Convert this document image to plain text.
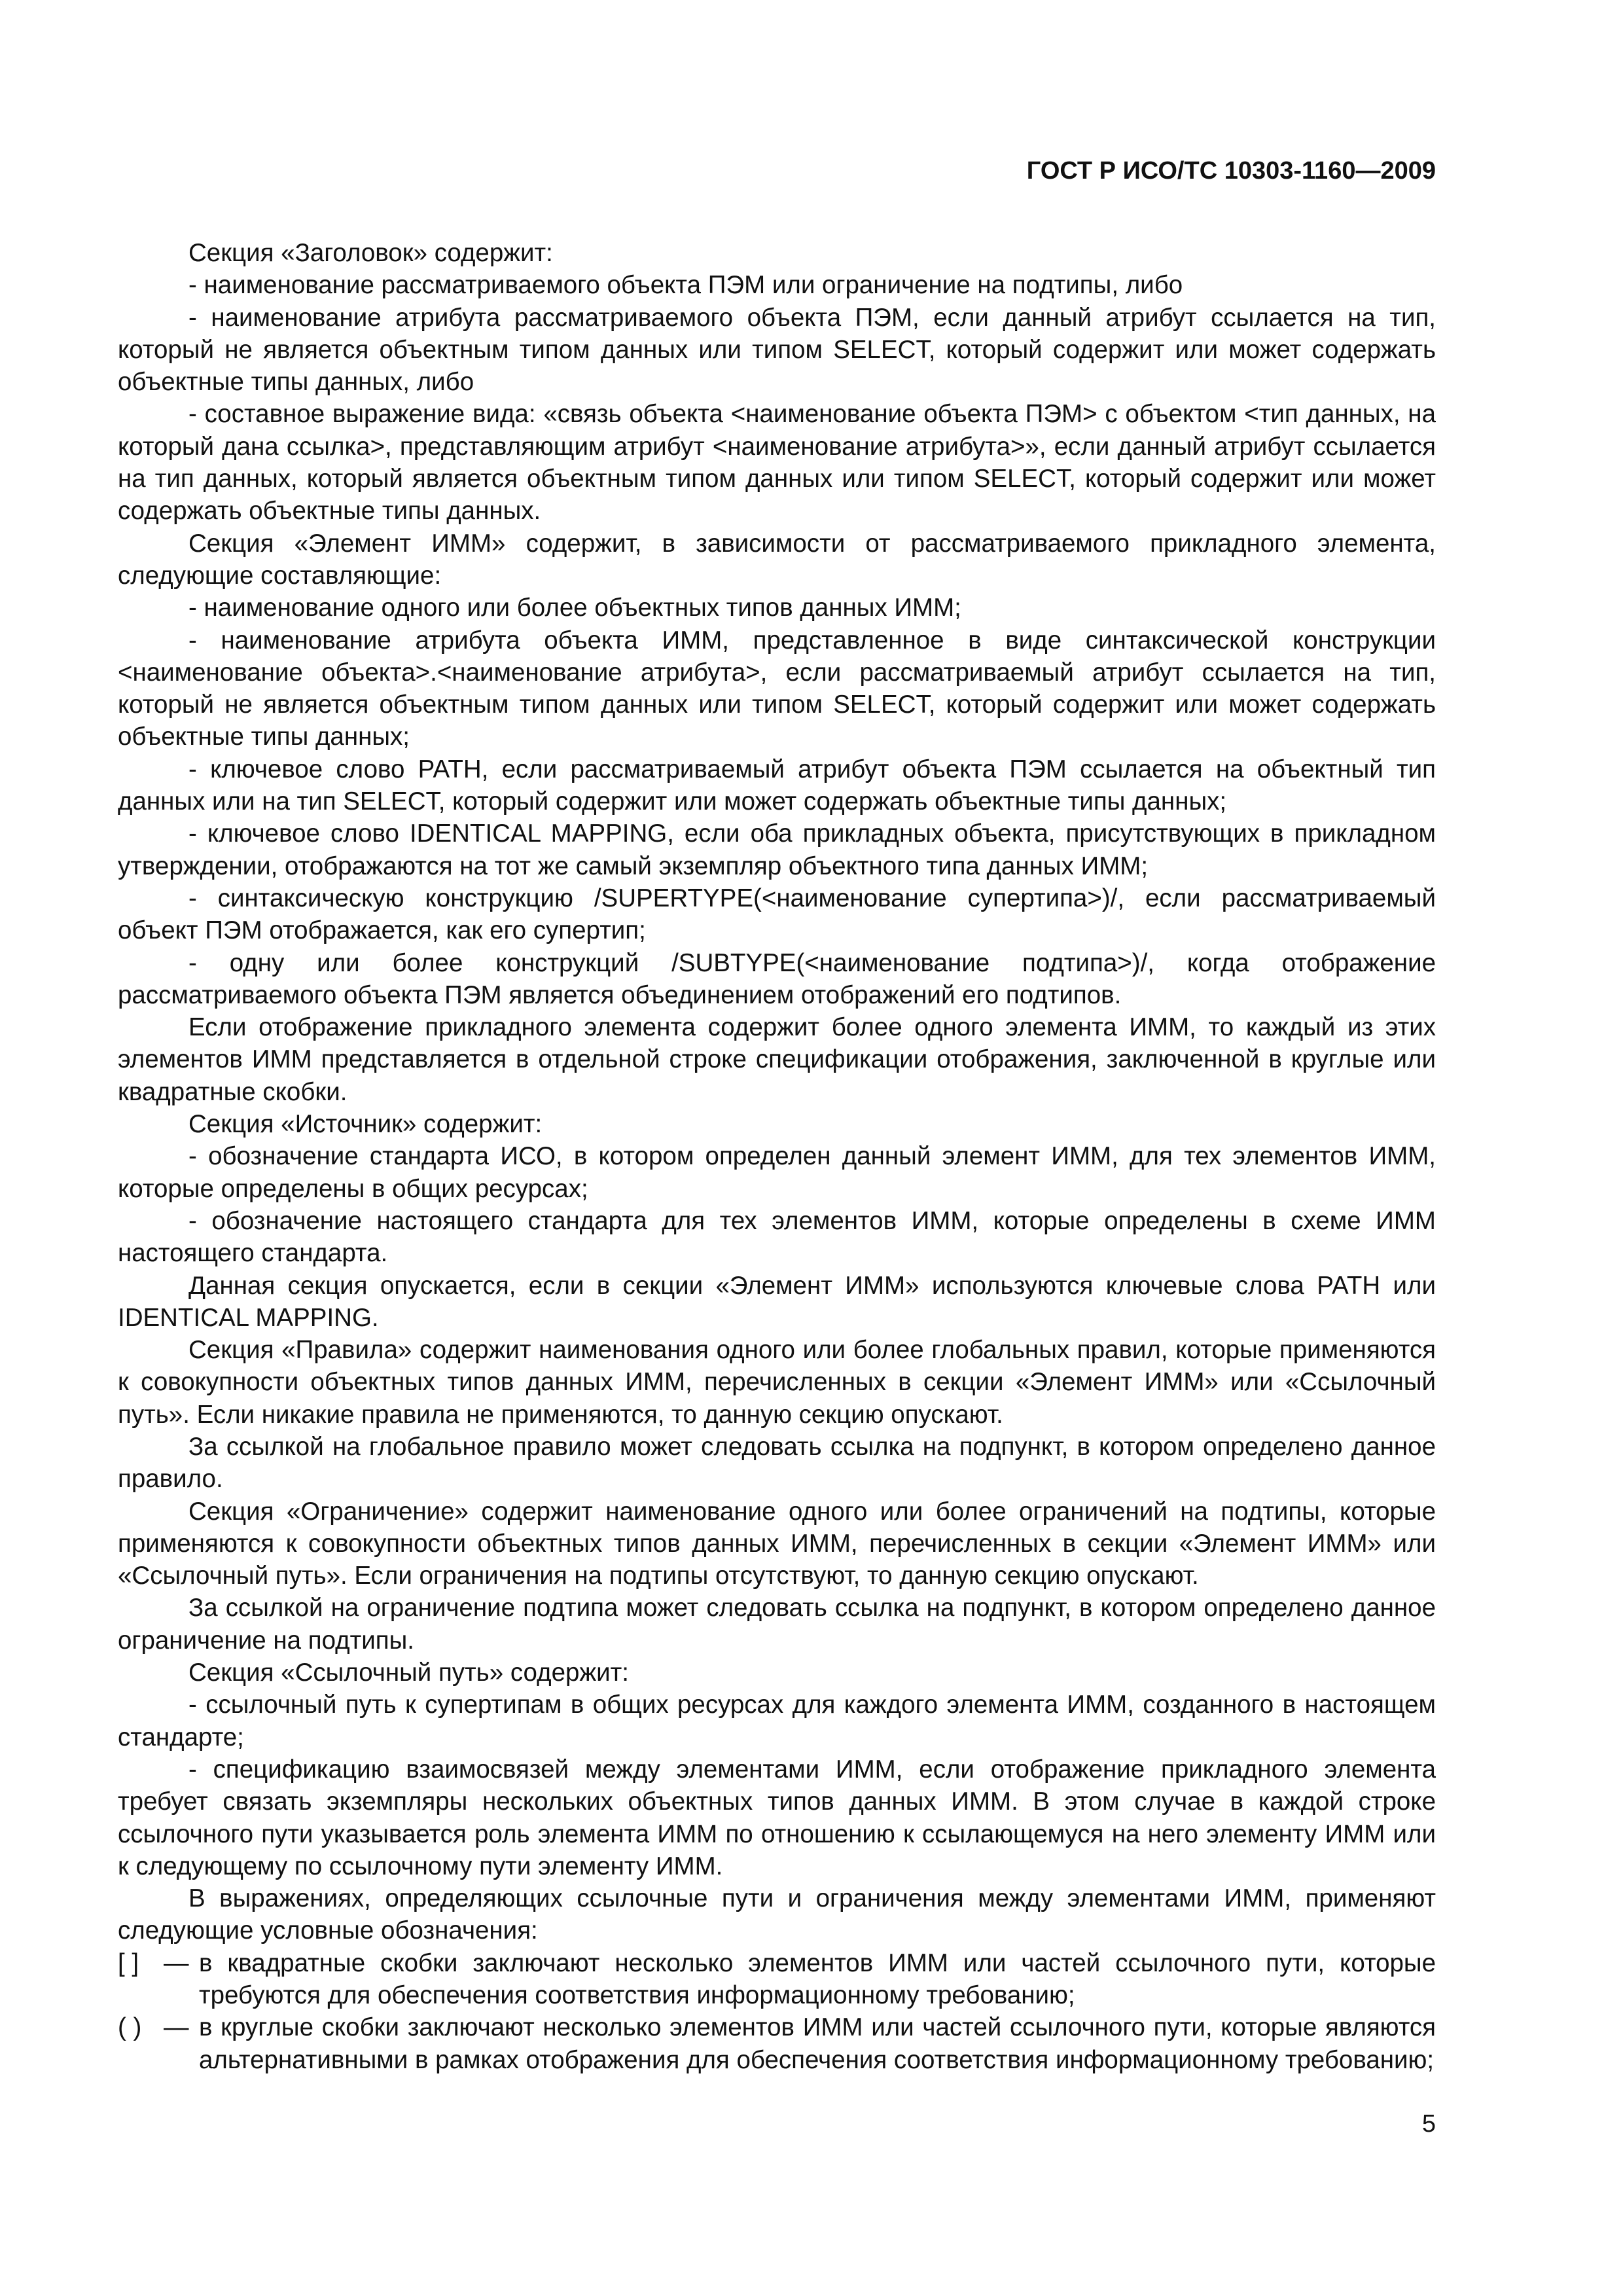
ГОСТ Р ИСО/ТС 10303-1160—2009

Секция «Заголовок» содержит:

- наименование рассматриваемого объекта ПЭМ или ограничение на подтипы, либо

- наименование атрибута рассматриваемого объекта ПЭМ, если данный атрибут ссылается на тип, который не является объектным типом данных или типом SELECT, который содержит или может содержать объектные типы данных, либо

- составное выражение вида: «связь объекта <наименование объекта ПЭМ> с объектом <тип данных, на который дана ссылка>, представляющим атрибут <наименование атрибута>», если данный атрибут ссылается на тип данных, который является объектным типом данных или типом SELECT, который содержит или может содержать объектные типы данных.

Секция «Элемент ИММ» содержит, в зависимости от рассматриваемого прикладного элемента, следующие составляющие:

- наименование одного или более объектных типов данных ИММ;

- наименование атрибута объекта ИММ, представленное в виде синтаксической конструкции <наименование объекта>.<наименование атрибута>, если рассматриваемый атрибут ссылается на тип, который не является объектным типом данных или типом SELECT, который содержит или может содержать объектные типы данных;

- ключевое слово PATH, если рассматриваемый атрибут объекта ПЭМ ссылается на объектный тип данных или на тип SELECT, который содержит или может содержать объектные типы данных;

- ключевое слово IDENTICAL MAPPING, если оба прикладных объекта, присутствующих в прикладном утверждении, отображаются на тот же самый экземпляр объектного типа данных ИММ;

- синтаксическую конструкцию /SUPERTYPE(<наименование супертипа>)/, если рассматриваемый объект ПЭМ отображается, как его супертип;

- одну или более конструкций /SUBTYPE(<наименование подтипа>)/, когда отображение рассматриваемого объекта ПЭМ является объединением отображений его подтипов.

Если отображение прикладного элемента содержит более одного элемента ИММ, то каждый из этих элементов ИММ представляется в отдельной строке спецификации отображения, заключенной в круглые или квадратные скобки.

Секция «Источник» содержит:

- обозначение стандарта ИСО, в котором определен данный элемент ИММ, для тех элементов ИММ, которые определены в общих ресурсах;

- обозначение настоящего стандарта для тех элементов ИММ, которые определены в схеме ИММ настоящего стандарта.

Данная секция опускается, если в секции «Элемент ИММ» используются ключевые слова PATH или IDENTICAL MAPPING.

Секция «Правила» содержит наименования одного или более глобальных правил, которые применяются к совокупности объектных типов данных ИММ, перечисленных в секции «Элемент ИММ» или «Ссылочный путь». Если никакие правила не применяются, то данную секцию опускают.

За ссылкой на глобальное правило может следовать ссылка на подпункт, в котором определено данное правило.

Секция «Ограничение» содержит наименование одного или более ограничений на подтипы, которые применяются к совокупности объектных типов данных ИММ, перечисленных в секции «Элемент ИММ» или «Ссылочный путь». Если ограничения на подтипы отсутствуют, то данную секцию опускают.

За ссылкой на ограничение подтипа может следовать ссылка на подпункт, в котором определено данное ограничение на подтипы.

Секция «Ссылочный путь» содержит:

- ссылочный путь к супертипам в общих ресурсах для каждого элемента ИММ, созданного в настоящем стандарте;

- спецификацию взаимосвязей между элементами ИММ, если отображение прикладного элемента требует связать экземпляры нескольких объектных типов данных ИММ. В этом случае в каждой строке ссылочного пути указывается роль элемента ИММ по отношению к ссылающемуся на него элементу ИММ или к следующему по ссылочному пути элементу ИММ.

В выражениях, определяющих ссылочные пути и ограничения между элементами ИММ, применяют следующие условные обозначения:

[ ] — в квадратные скобки заключают несколько элементов ИММ или частей ссылочного пути, которые требуются для обеспечения соответствия информационному требованию;
( ) — в круглые скобки заключают несколько элементов ИММ или частей ссылочного пути, которые являются альтернативными в рамках отображения для обеспечения соответствия информационному требованию;
5
